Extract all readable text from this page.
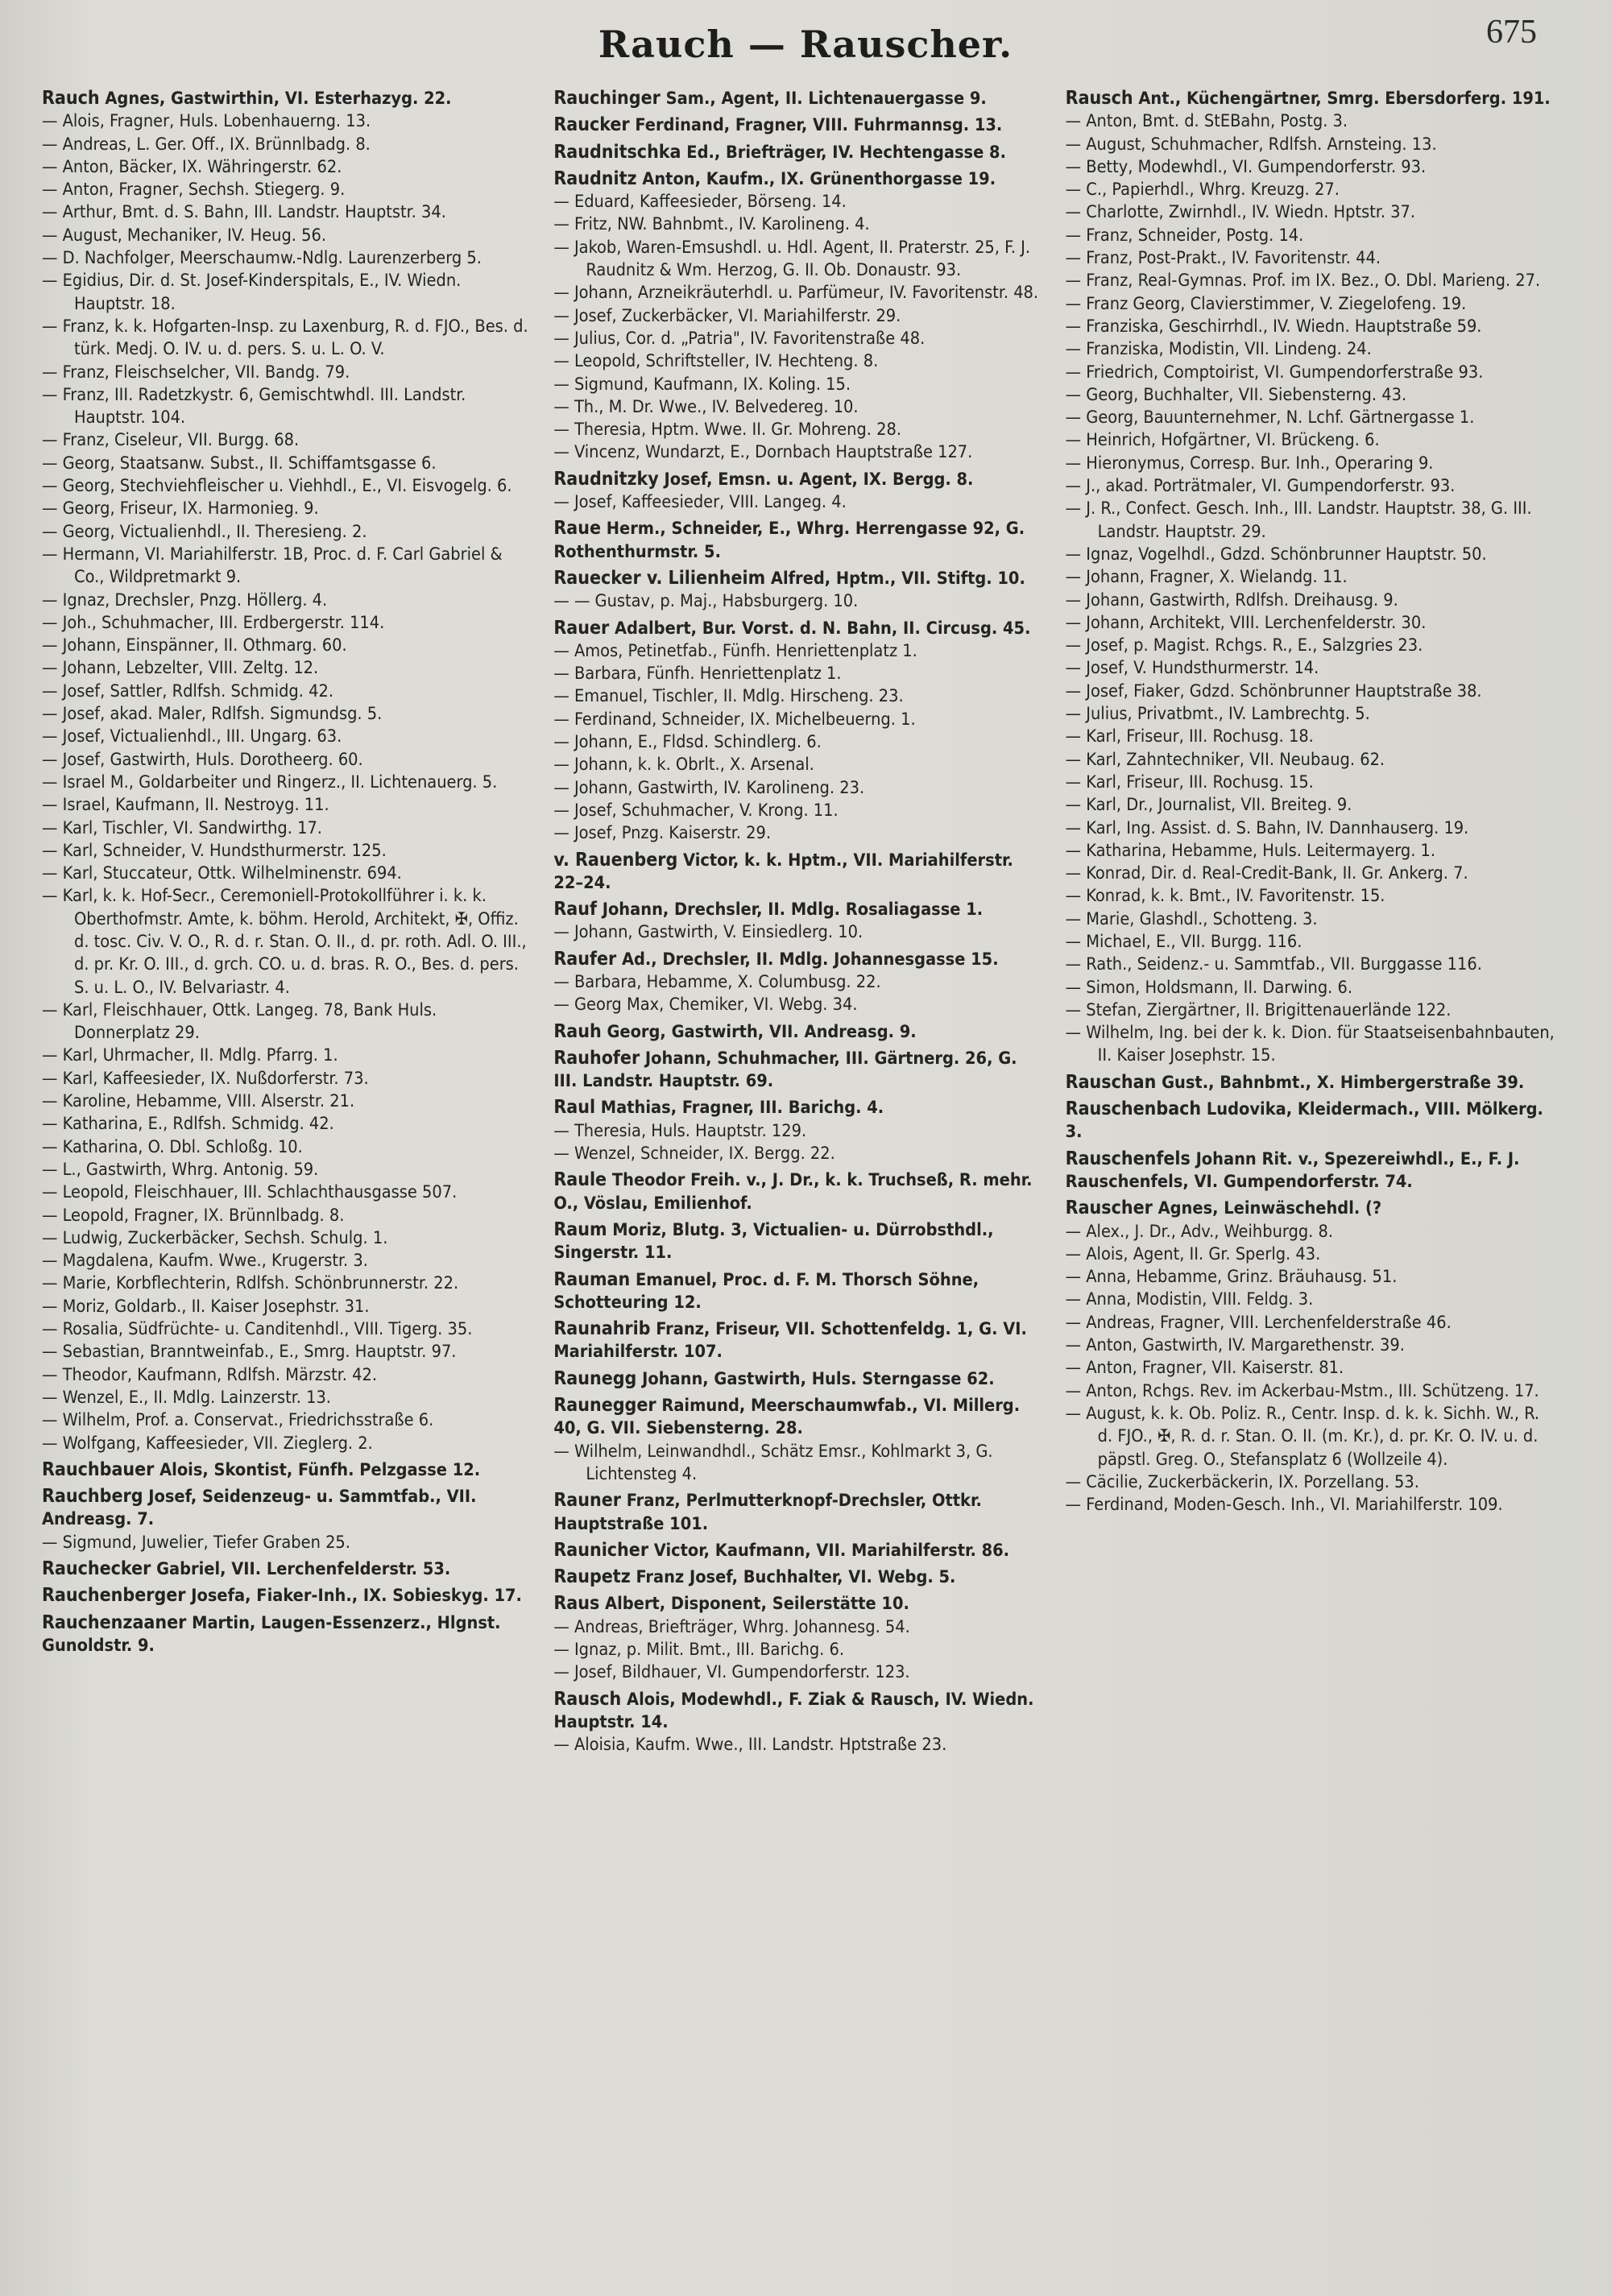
Rauch — Rauscher.	675

Rauch Agnes, Gastwirthin, VI. Esterhazyg. 22.

— Alois, Fragner, Huls. Lobenhauerng. 13.

— Andreas, L. Ger. Off., IX. Brünnlbadg. 8.

— Anton, Bäcker, IX. Währingerstr. 62.

— Anton, Fragner, Sechsh. Stiegerg. 9.

— Arthur, Bmt. d. S. Bahn, III. Landstr. Hauptstr. 34.

— August, Mechaniker, IV. Heug. 56.

— D. Nachfolger, Meerschaumw.-Ndlg. Laurenzerberg 5.

— Egidius, Dir. d. St. Josef-Kinderspitals, E., IV. Wiedn. Hauptstr. 18.

— Franz, k. k. Hofgarten-Insp. zu Laxenburg, R. d. FJO., Bes. d. türk. Medj. O. IV. u. d. pers. S. u. L. O. V.

— Franz, Fleischselcher, VII. Bandg. 79.

— Franz, III. Radetzkystr. 6, Gemischtwhdl. III. Landstr. Hauptstr. 104.

— Franz, Ciseleur, VII. Burgg. 68.

— Georg, Staatsanw. Subst., II. Schiffamtsgasse 6.

— Georg, Stechviehfleischer u. Viehhdl., E., VI. Eisvogelg. 6.

— Georg, Friseur, IX. Harmonieg. 9.

— Georg, Victualienhdl., II. Theresieng. 2.

— Hermann, VI. Mariahilferstr. 1B, Proc. d. F. Carl Gabriel & Co., Wildpretmarkt 9.

— Ignaz, Drechsler, Pnzg. Höllerg. 4.

— Joh., Schuhmacher, III. Erdbergerstr. 114.

— Johann, Einspänner, II. Othmarg. 60.

— Johann, Lebzelter, VIII. Zeltg. 12.

— Josef, Sattler, Rdlfsh. Schmidg. 42.

— Josef, akad. Maler, Rdlfsh. Sigmundsg. 5.

— Josef, Victualienhdl., III. Ungarg. 63.

— Josef, Gastwirth, Huls. Dorotheerg. 60.

— Israel M., Goldarbeiter und Ringerz., II. Lichtenauerg. 5.

— Israel, Kaufmann, II. Nestroyg. 11.

— Karl, Tischler, VI. Sandwirthg. 17.

— Karl, Schneider, V. Hundsthurmerstr. 125.

— Karl, Stuccateur, Ottk. Wilhelminenstr. 694.

— Karl, k. k. Hof-Secr., Ceremoniell-Protokollführer i. k. k. Oberthofmstr. Amte, k. böhm. Herold, Architekt, ✠, Offiz. d. tosc. Civ. V. O., R. d. r. Stan. O. II., d. pr. roth. Adl. O. III., d. pr. Kr. O. III., d. grch. CO. u. d. bras. R. O., Bes. d. pers. S. u. L. O., IV. Belvariastr. 4.

— Karl, Fleischhauer, Ottk. Langeg. 78, Bank Huls. Donnerplatz 29.

— Karl, Uhrmacher, II. Mdlg. Pfarrg. 1.

— Karl, Kaffeesieder, IX. Nußdorferstr. 73.

— Karoline, Hebamme, VIII. Alserstr. 21.

— Katharina, E., Rdlfsh. Schmidg. 42.

— Katharina, O. Dbl. Schloßg. 10.

— L., Gastwirth, Whrg. Antonig. 59.

— Leopold, Fleischhauer, III. Schlachthausgasse 507.

— Leopold, Fragner, IX. Brünnlbadg. 8.

— Ludwig, Zuckerbäcker, Sechsh. Schulg. 1.

— Magdalena, Kaufm. Wwe., Krugerstr. 3.

— Marie, Korbflechterin, Rdlfsh. Schönbrunnerstr. 22.

— Moriz, Goldarb., II. Kaiser Josephstr. 31.

— Rosalia, Südfrüchte- u. Canditenhdl., VIII. Tigerg. 35.

— Sebastian, Branntweinfab., E., Smrg. Hauptstr. 97.

— Theodor, Kaufmann, Rdlfsh. Märzstr. 42.

— Wenzel, E., II. Mdlg. Lainzerstr. 13.

— Wilhelm, Prof. a. Conservat., Friedrichsstraße 6.

— Wolfgang, Kaffeesieder, VII. Zieglerg. 2.

Rauchbauer Alois, Skontist, Fünfh. Pelzgasse 12.

Rauchberg Josef, Seidenzeug- u. Sammtfab., VII. Andreasg. 7.

— Sigmund, Juwelier, Tiefer Graben 25.

Rauchecker Gabriel, VII. Lerchenfelderstr. 53.

Rauchenberger Josefa, Fiaker-Inh., IX. Sobieskyg. 17.

Rauchenzaaner Martin, Laugen-Essenzerz., Hlgnst. Gunoldstr. 9.

Rauchinger Sam., Agent, II. Lichtenauergasse 9.

Raucker Ferdinand, Fragner, VIII. Fuhrmannsg. 13.

Raudnitschka Ed., Briefträger, IV. Hechtengasse 8.

Raudnitz Anton, Kaufm., IX. Grünenthorgasse 19.

— Eduard, Kaffeesieder, Börseng. 14.

— Fritz, NW. Bahnbmt., IV. Karolineng. 4.

— Jakob, Waren-Emsushdl. u. Hdl. Agent, II. Praterstr. 25, F. J. Raudnitz & Wm. Herzog, G. II. Ob. Donaustr. 93.

— Johann, Arzneikräuterhdl. u. Parfümeur, IV. Favoritenstr. 48.

— Josef, Zuckerbäcker, VI. Mariahilferstr. 29.

— Julius, Cor. d. „Patria", IV. Favoritenstraße 48.

— Leopold, Schriftsteller, IV. Hechteng. 8.

— Sigmund, Kaufmann, IX. Koling. 15.

— Th., M. Dr. Wwe., IV. Belvedereg. 10.

— Theresia, Hptm. Wwe. II. Gr. Mohreng. 28.

— Vincenz, Wundarzt, E., Dornbach Hauptstraße 127.

Raudnitzky Josef, Emsn. u. Agent, IX. Bergg. 8.

— Josef, Kaffeesieder, VIII. Langeg. 4.

Raue Herm., Schneider, E., Whrg. Herrengasse 92, G. Rothenthurmstr. 5.

Rauecker v. Lilienheim Alfred, Hptm., VII. Stiftg. 10.

— — Gustav, p. Maj., Habsburgerg. 10.

Rauer Adalbert, Bur. Vorst. d. N. Bahn, II. Circusg. 45.

— Amos, Petinetfab., Fünfh. Henriettenplatz 1.

— Barbara, Fünfh. Henriettenplatz 1.

— Emanuel, Tischler, II. Mdlg. Hirscheng. 23.

— Ferdinand, Schneider, IX. Michelbeuerng. 1.

— Johann, E., Fldsd. Schindlerg. 6.

— Johann, k. k. Obrlt., X. Arsenal.

— Johann, Gastwirth, IV. Karolineng. 23.

— Josef, Schuhmacher, V. Krong. 11.

— Josef, Pnzg. Kaiserstr. 29.

v. Rauenberg Victor, k. k. Hptm., VII. Mariahilferstr. 22–24.

Rauf Johann, Drechsler, II. Mdlg. Rosaliagasse 1.

— Johann, Gastwirth, V. Einsiedlerg. 10.

Raufer Ad., Drechsler, II. Mdlg. Johannesgasse 15.

— Barbara, Hebamme, X. Columbusg. 22.

— Georg Max, Chemiker, VI. Webg. 34.

Rauh Georg, Gastwirth, VII. Andreasg. 9.

Rauhofer Johann, Schuhmacher, III. Gärtnerg. 26, G. III. Landstr. Hauptstr. 69.

Raul Mathias, Fragner, III. Barichg. 4.

— Theresia, Huls. Hauptstr. 129.

— Wenzel, Schneider, IX. Bergg. 22.

Raule Theodor Freih. v., J. Dr., k. k. Truchseß, R. mehr. O., Vöslau, Emilienhof.

Raum Moriz, Blutg. 3, Victualien- u. Dürrobsthdl., Singerstr. 11.

Rauman Emanuel, Proc. d. F. M. Thorsch Söhne, Schotteuring 12.

Raunahrib Franz, Friseur, VII. Schottenfeldg. 1, G. VI. Mariahilferstr. 107.

Raunegg Johann, Gastwirth, Huls. Sterngasse 62.

Raunegger Raimund, Meerschaumwfab., VI. Millerg. 40, G. VII. Siebensterng. 28.

— Wilhelm, Leinwandhdl., Schätz Emsr., Kohlmarkt 3, G. Lichtensteg 4.

Rauner Franz, Perlmutterknopf-Drechsler, Ottkr. Hauptstraße 101.

Raunicher Victor, Kaufmann, VII. Mariahilferstr. 86.

Raupetz Franz Josef, Buchhalter, VI. Webg. 5.

Raus Albert, Disponent, Seilerstätte 10.

— Andreas, Briefträger, Whrg. Johannesg. 54.

— Ignaz, p. Milit. Bmt., III. Barichg. 6.

— Josef, Bildhauer, VI. Gumpendorferstr. 123.

Rausch Alois, Modewhdl., F. Ziak & Rausch, IV. Wiedn. Hauptstr. 14.

— Aloisia, Kaufm. Wwe., III. Landstr. Hptstraße 23.

Rausch Ant., Küchengärtner, Smrg. Ebersdorferg. 191.

— Anton, Bmt. d. StEBahn, Postg. 3.

— August, Schuhmacher, Rdlfsh. Arnsteing. 13.

— Betty, Modewhdl., VI. Gumpendorferstr. 93.

— C., Papierhdl., Whrg. Kreuzg. 27.

— Charlotte, Zwirnhdl., IV. Wiedn. Hptstr. 37.

— Franz, Schneider, Postg. 14.

— Franz, Post-Prakt., IV. Favoritenstr. 44.

— Franz, Real-Gymnas. Prof. im IX. Bez., O. Dbl. Marieng. 27.

— Franz Georg, Clavierstimmer, V. Ziegelofeng. 19.

— Franziska, Geschirrhdl., IV. Wiedn. Hauptstraße 59.

— Franziska, Modistin, VII. Lindeng. 24.

— Friedrich, Comptoirist, VI. Gumpendorferstraße 93.

— Georg, Buchhalter, VII. Siebensterng. 43.

— Georg, Bauunternehmer, N. Lchf. Gärtnergasse 1.

— Heinrich, Hofgärtner, VI. Brückeng. 6.

— Hieronymus, Corresp. Bur. Inh., Operaring 9.

— J., akad. Porträtmaler, VI. Gumpendorferstr. 93.

— J. R., Confect. Gesch. Inh., III. Landstr. Hauptstr. 38, G. III. Landstr. Hauptstr. 29.

— Ignaz, Vogelhdl., Gdzd. Schönbrunner Hauptstr. 50.

— Johann, Fragner, X. Wielandg. 11.

— Johann, Gastwirth, Rdlfsh. Dreihausg. 9.

— Johann, Architekt, VIII. Lerchenfelderstr. 30.

— Josef, p. Magist. Rchgs. R., E., Salzgries 23.

— Josef, V. Hundsthurmerstr. 14.

— Josef, Fiaker, Gdzd. Schönbrunner Hauptstraße 38.

— Julius, Privatbmt., IV. Lambrechtg. 5.

— Karl, Friseur, III. Rochusg. 18.

— Karl, Zahntechniker, VII. Neubaug. 62.

— Karl, Friseur, III. Rochusg. 15.

— Karl, Dr., Journalist, VII. Breiteg. 9.

— Karl, Ing. Assist. d. S. Bahn, IV. Dannhauserg. 19.

— Katharina, Hebamme, Huls. Leitermayerg. 1.

— Konrad, Dir. d. Real-Credit-Bank, II. Gr. Ankerg. 7.

— Konrad, k. k. Bmt., IV. Favoritenstr. 15.

— Marie, Glashdl., Schotteng. 3.

— Michael, E., VII. Burgg. 116.

— Rath., Seidenz.- u. Sammtfab., VII. Burggasse 116.

— Simon, Holdsmann, II. Darwing. 6.

— Stefan, Ziergärtner, II. Brigittenauerlände 122.

— Wilhelm, Ing. bei der k. k. Dion. für Staatseisenbahnbauten, II. Kaiser Josephstr. 15.

Rauschan Gust., Bahnbmt., X. Himbergerstraße 39.

Rauschenbach Ludovika, Kleidermach., VIII. Mölkerg. 3.

Rauschenfels Johann Rit. v., Spezereiwhdl., E., F. J. Rauschenfels, VI. Gumpendorferstr. 74.

Rauscher Agnes, Leinwäschehdl. (?

— Alex., J. Dr., Adv., Weihburgg. 8.

— Alois, Agent, II. Gr. Sperlg. 43.

— Anna, Hebamme, Grinz. Bräuhausg. 51.

— Anna, Modistin, VIII. Feldg. 3.

— Andreas, Fragner, VIII. Lerchenfelderstraße 46.

— Anton, Gastwirth, IV. Margarethenstr. 39.

— Anton, Fragner, VII. Kaiserstr. 81.

— Anton, Rchgs. Rev. im Ackerbau-Mstm., III. Schützeng. 17.

— August, k. k. Ob. Poliz. R., Centr. Insp. d. k. k. Sichh. W., R. d. FJO., ✠, R. d. r. Stan. O. II. (m. Kr.), d. pr. Kr. O. IV. u. d. päpstl. Greg. O., Stefansplatz 6 (Wollzeile 4).

— Cäcilie, Zuckerbäckerin, IX. Porzellang. 53.

— Ferdinand, Moden-Gesch. Inh., VI. Mariahilferstr. 109.
